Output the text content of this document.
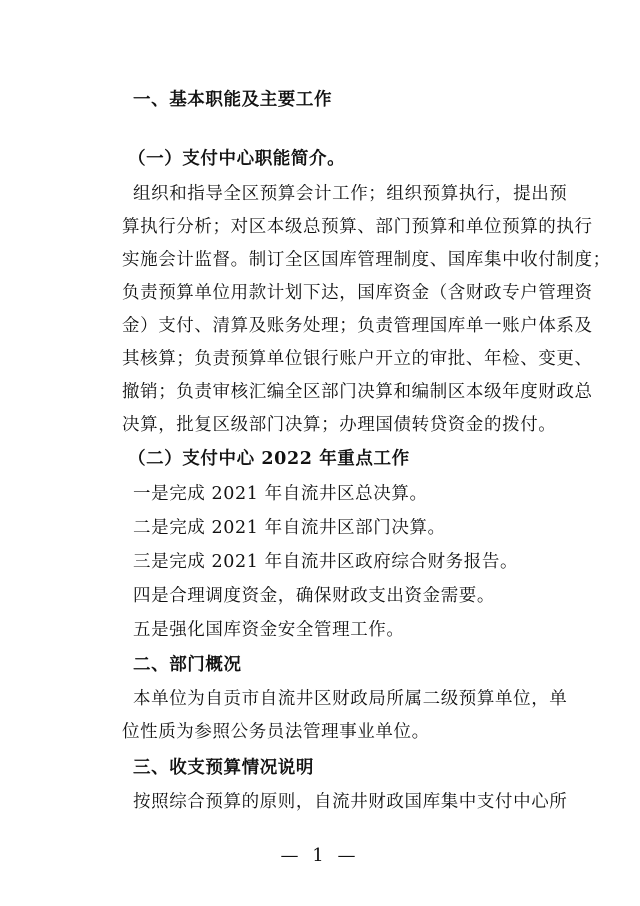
一、基本职能及主要工作
（一）支付中心职能简介。
组织和指导全区预算会计工作；组织预算执行，提出预
算执行分析；对区本级总预算、部门预算和单位预算的执行
实施会计监督。制订全区国库管理制度、国库集中收付制度；
负责预算单位用款计划下达，国库资金（含财政专户管理资
金）支付、清算及账务处理；负责管理国库单一账户体系及
其核算；负责预算单位银行账户开立的审批、年检、变更、
撤销；负责审核汇编全区部门决算和编制区本级年度财政总
决算，批复区级部门决算；办理国债转贷资金的拨付。
（二）支付中心 2022 年重点工作
一是完成 2021 年自流井区总决算。
二是完成 2021 年自流井区部门决算。
三是完成 2021 年自流井区政府综合财务报告。
四是合理调度资金，确保财政支出资金需要。
五是强化国库资金安全管理工作。
二、部门概况
本单位为自贡市自流井区财政局所属二级预算单位，单
位性质为参照公务员法管理事业单位。
三、收支预算情况说明
按照综合预算的原则，自流井财政国库集中支付中心所
— 1 —
